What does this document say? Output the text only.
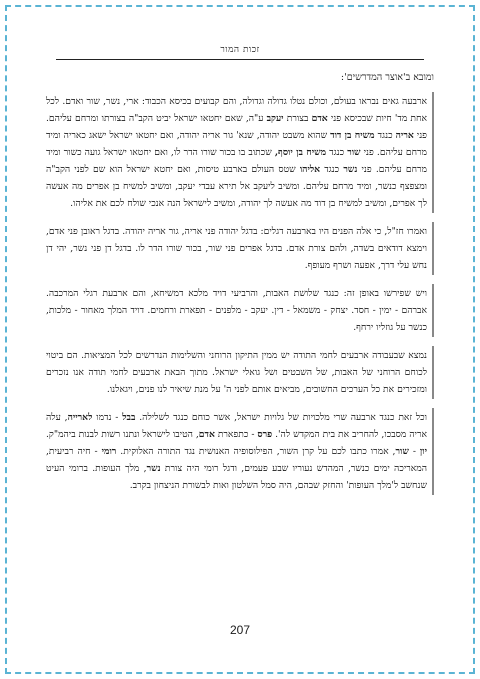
זכות המור
ומובא ב'אוצר המדרשים':
ארבעה גאים נבראו בעולם, וכולם נטלו גדולה וגדולה, והם קבועים בכיסא הכבוד: ארי, נשר, שור ואדם. לכל אחת מד' חיות שבכיסא פני אדם בצורת יעקב ע"ה, שאם יחטאו ישראל יביט הקב"ה בצורתו ומרחם עליהם. פני אריה כנגד משיח בן דוד שהוא משבט יהודה, שנא' גור אריה יהודה, ואם יחטאו ישראל ישאג כאריה ומיד מרחם עליהם. פני שור כנגד משיח בן יוסף, שכתוב בו בכור שורו הדר לו, ואם יחטאו ישראל גועה כשור ומיד מרחם עליהם. פני נשר כנגד אליהו שטס העולם בארבע טיסות, ואם יחטא ישראל הוא שם לפני הקב"ה ומצפצף כנשר, ומיד מרחם עליהם. ומשיב ליעקב אל תירא עבדי יעקב, ומשיב למשיח בן אפרים מה אעשה לך אפרים, ומשיב למשיח בן דוד מה אעשה לך יהודה, ומשיב לישראל הנה אנכי שולח לכם את אליהו.
ואמרו חז"ל, כי אלה הפנים היו בארבעה דגלים: בדגל יהודה פני אריה, גור אריה יהודה. בדגל ראובן פני אדם, וימצא דודאים בשדה, ולהם צורת אדם. בדגל אפרים פני שור, בכור שורו הדר לו. בדגל דן פני נשר, יהי דן נחש עלי דרך, אפעה ושרף מעופף.
ויש שפירשו באופן זה: כנגד שלושת האבות, והרביעי דויד מלכא דמשיחא, והם ארבעת רגלי המרכבה. אברהם - ימין - חסד. יצחק - משמאל - דין. יעקב - מלפנים - תפארת ורחמים. דויד המלך מאחור - מלכות, כנשר על גוזליו ירחף.
נמצא שבעבודה ארבעים לחמי התודה יש ממין התיקון הרוחני והשלימות הנדרשים לכל המציאות. הם ביטוי לכוחם הרוחני של האבות, של השבטים ושל גואלי ישראל. מתוך הבאת ארבעים לחמי תודה אנו נזכרים ומזכירים את כל הערכים החשובים, מביאים אותם לפני ה' על מנת שיאיר לנו פנים, ויגאלנו.
וכל זאת כנגד ארבעה שרי מלכויות של גלויות ישראל, אשר כוחם כנגד לשלילה. בבל - נדמו לארייה, עלה אריה מסבכו, להחריב את בית המקדש לה'. פרס - כתפארת אדם, הטיבו לישראל ונתנו רשות לבנות ביהמ"ק. יון - שור, אמרו כתבו לכם על קרן השור, הפילוסופיה האנושית נגד התורה האלוקית. רומי - חיה רביעית, המאריכה ימים כנשר, המהדש נעוריו שבע פעמים, ודגל רומי היה צורת נשר, מלך העופות. ברומי העיט שנחשב ל'מלך העופות' והחזק שבהם, היה סמל השלטון ואות לבשורת הניצחון בקרב.
207
